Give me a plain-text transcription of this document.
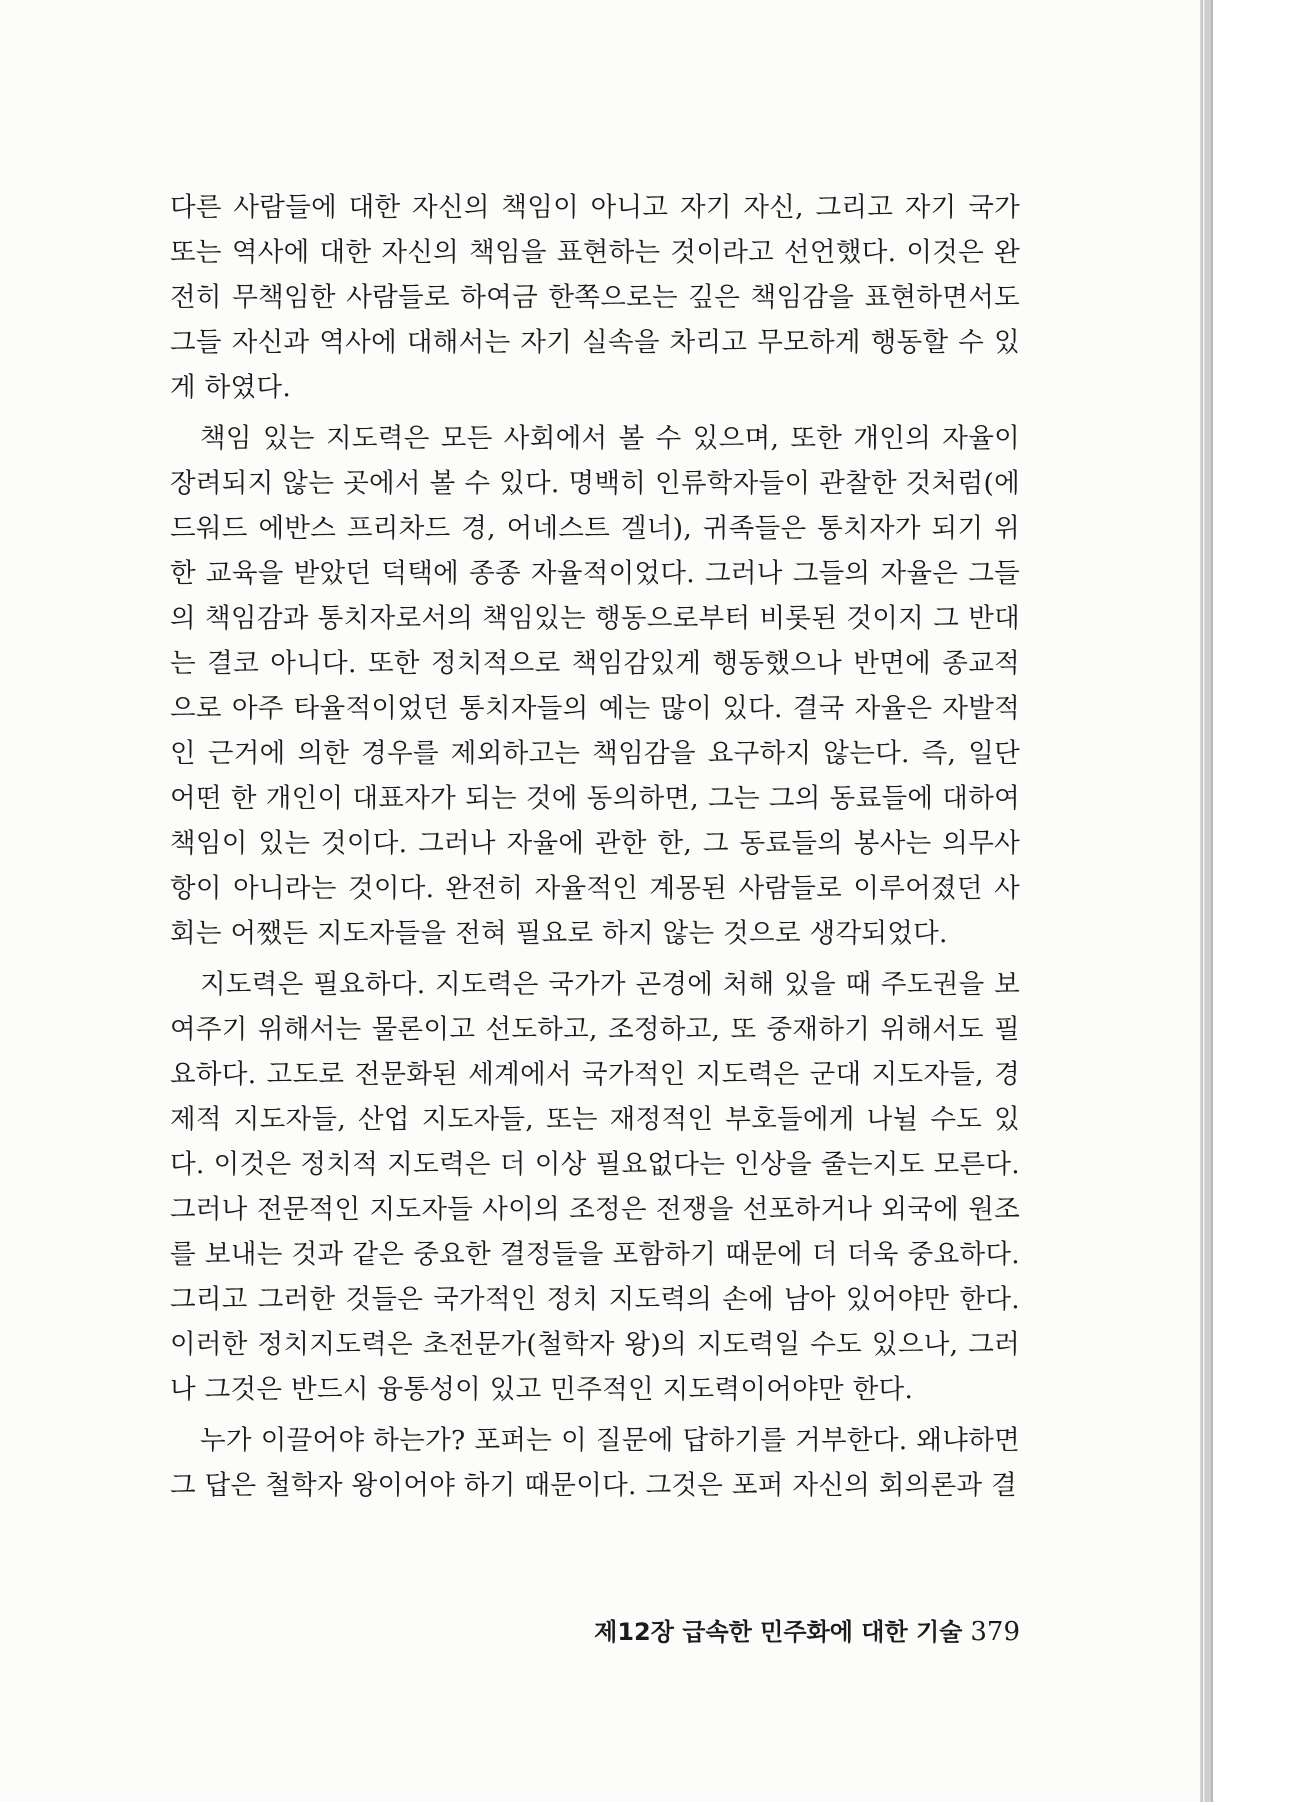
다른 사람들에 대한 자신의 책임이 아니고 자기 자신, 그리고 자기 국가 또는 역사에 대한 자신의 책임을 표현하는 것이라고 선언했다. 이것은 완전히 무책임한 사람들로 하여금 한쪽으로는 깊은 책임감을 표현하면서도 그들 자신과 역사에 대해서는 자기 실속을 차리고 무모하게 행동할 수 있게 하였다.

책임 있는 지도력은 모든 사회에서 볼 수 있으며, 또한 개인의 자율이 장려되지 않는 곳에서 볼 수 있다. 명백히 인류학자들이 관찰한 것처럼(에드워드 에반스 프리차드 경, 어네스트 겔너), 귀족들은 통치자가 되기 위한 교육을 받았던 덕택에 종종 자율적이었다. 그러나 그들의 자율은 그들의 책임감과 통치자로서의 책임있는 행동으로부터 비롯된 것이지 그 반대는 결코 아니다. 또한 정치적으로 책임감있게 행동했으나 반면에 종교적으로 아주 타율적이었던 통치자들의 예는 많이 있다. 결국 자율은 자발적인 근거에 의한 경우를 제외하고는 책임감을 요구하지 않는다. 즉, 일단 어떤 한 개인이 대표자가 되는 것에 동의하면, 그는 그의 동료들에 대하여 책임이 있는 것이다. 그러나 자율에 관한 한, 그 동료들의 봉사는 의무사항이 아니라는 것이다. 완전히 자율적인 계몽된 사람들로 이루어졌던 사회는 어쨌든 지도자들을 전혀 필요로 하지 않는 것으로 생각되었다.

지도력은 필요하다. 지도력은 국가가 곤경에 처해 있을 때 주도권을 보여주기 위해서는 물론이고 선도하고, 조정하고, 또 중재하기 위해서도 필요하다. 고도로 전문화된 세계에서 국가적인 지도력은 군대 지도자들, 경제적 지도자들, 산업 지도자들, 또는 재정적인 부호들에게 나뉠 수도 있다. 이것은 정치적 지도력은 더 이상 필요없다는 인상을 줄는지도 모른다. 그러나 전문적인 지도자들 사이의 조정은 전쟁을 선포하거나 외국에 원조를 보내는 것과 같은 중요한 결정들을 포함하기 때문에 더 더욱 중요하다. 그리고 그러한 것들은 국가적인 정치 지도력의 손에 남아 있어야만 한다. 이러한 정치지도력은 초전문가(철학자 왕)의 지도력일 수도 있으나, 그러나 그것은 반드시 융통성이 있고 민주적인 지도력이어야만 한다.

누가 이끌어야 하는가? 포퍼는 이 질문에 답하기를 거부한다. 왜냐하면 그 답은 철학자 왕이어야 하기 때문이다. 그것은 포퍼 자신의 회의론과 결

제12장 급속한 민주화에 대한 기술 379
